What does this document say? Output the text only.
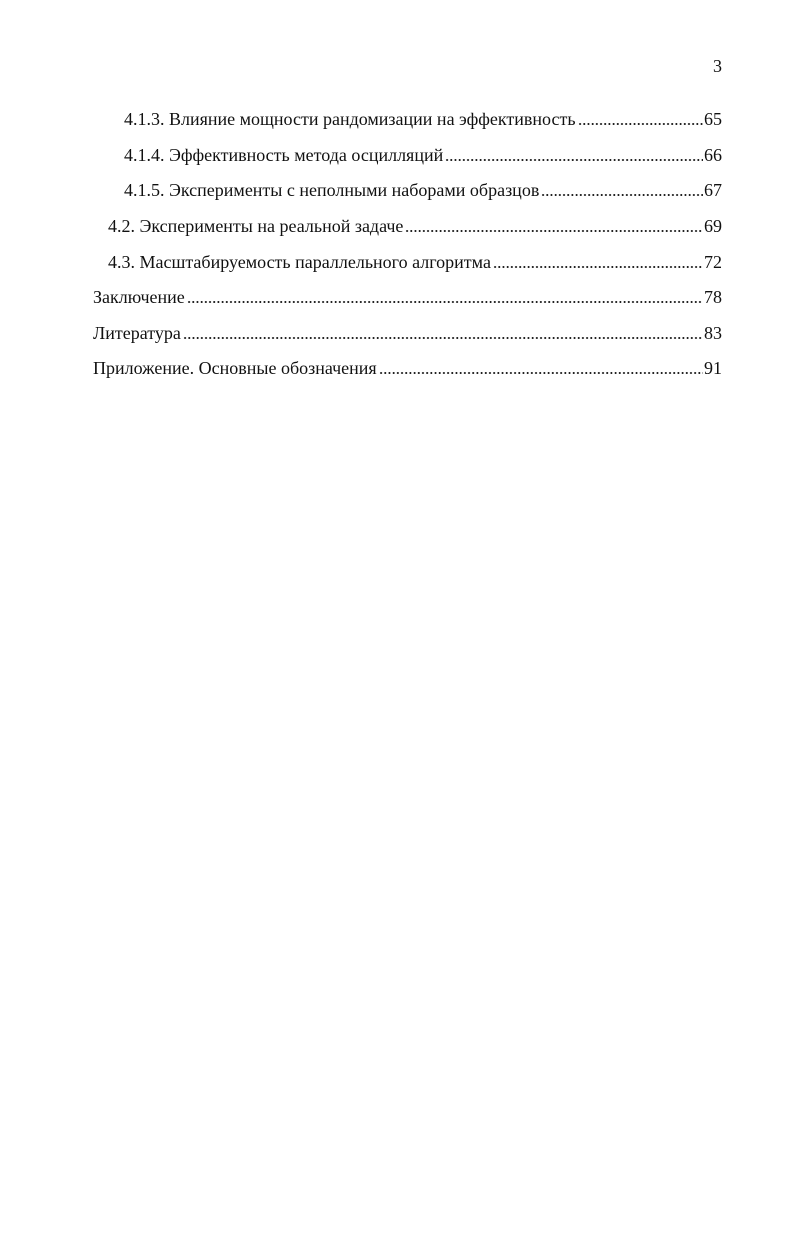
3
4.1.3. Влияние мощности рандомизации на эффективность	65
4.1.4. Эффективность метода осцилляций	66
4.1.5. Эксперименты с неполными наборами образцов	67
4.2. Эксперименты на реальной задаче	69
4.3. Масштабируемость параллельного алгоритма	72
Заключение	78
Литература	83
Приложение. Основные обозначения	91
